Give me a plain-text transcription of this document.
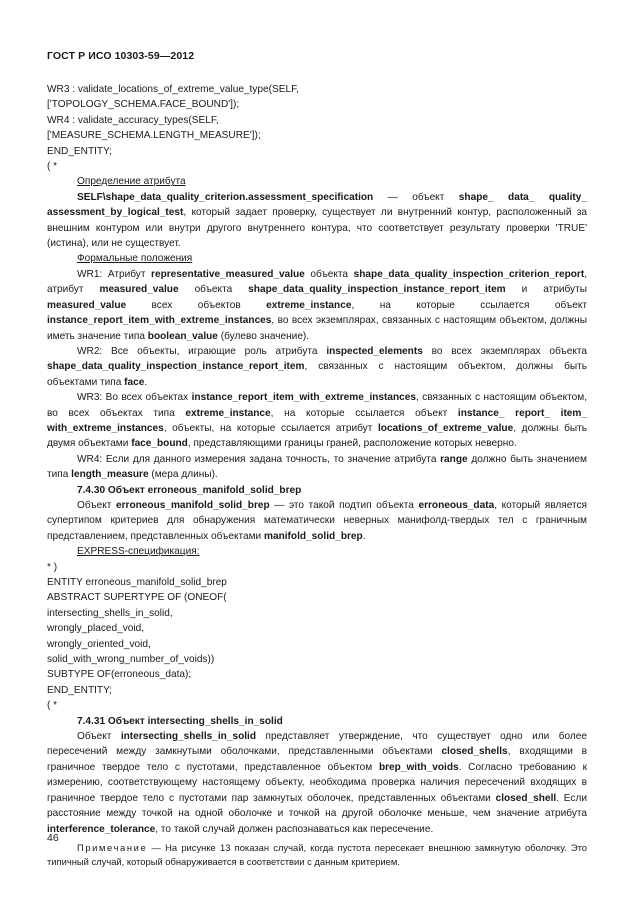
ГОСТ Р ИСО 10303-59—2012
WR3 : validate_locations_of_extreme_value_type(SELF,
['TOPOLOGY_SCHEMA.FACE_BOUND']);
WR4 : validate_accuracy_types(SELF,
['MEASURE_SCHEMA.LENGTH_MEASURE']);
END_ENTITY;
( *
Определение атрибута
SELF\shape_data_quality_criterion.assessment_specification — объект shape_ data_ quality_ assessment_by_logical_test, который задает проверку, существует ли внутренний контур, расположенный за внешним контуром или внутри другого внутреннего контура, что соответствует результату проверки 'TRUE' (истина), или не существует.
Формальные положения
WR1: Атрибут representative_measured_value объекта shape_data_quality_inspection_criterion_report, атрибут measured_value объекта shape_data_quality_inspection_instance_report_item и атрибуты measured_value всех объектов extreme_instance, на которые ссылается объект instance_report_item_with_extreme_instances, во всех экземплярах, связанных с настоящим объектом, должны иметь значение типа boolean_value (булево значение).
WR2: Все объекты, играющие роль атрибута inspected_elements во всех экземплярах объекта shape_data_quality_inspection_instance_report_item, связанных с настоящим объектом, должны быть объектами типа face.
WR3: Во всех объектах instance_report_item_with_extreme_instances, связанных с настоящим объектом, во всех объектах типа extreme_instance, на которые ссылается объект instance_ report_ item_ with_extreme_instances, объекты, на которые ссылается атрибут locations_of_extreme_value, должны быть двумя объектами face_bound, представляющими границы граней, расположение которых неверно.
WR4: Если для данного измерения задана точность, то значение атрибута range должно быть значением типа length_measure (мера длины).
7.4.30 Объект erroneous_manifold_solid_brep
Объект erroneous_manifold_solid_brep — это такой подтип объекта erroneous_data, который является супертипом критериев для обнаружения математически неверных манифолд-твердых тел с граничным представлением, представленных объектами manifold_solid_brep.
EXPRESS-спецификация:
* )
ENTITY erroneous_manifold_solid_brep
ABSTRACT SUPERTYPE OF (ONEOF(
intersecting_shells_in_solid,
wrongly_placed_void,
wrongly_oriented_void,
solid_with_wrong_number_of_voids))
SUBTYPE OF(erroneous_data);
END_ENTITY;
( *
7.4.31 Объект intersecting_shells_in_solid
Объект intersecting_shells_in_solid представляет утверждение, что существует одно или более пересечений между замкнутыми оболочками, представленными объектами closed_shells, входящими в граничное твердое тело с пустотами, представленное объектом brep_with_voids. Согласно требованию к измерению, соответствующему настоящему объекту, необходима проверка наличия пересечений входящих в граничное твердое тело с пустотами пар замкнутых оболочек, представленных объектами closed_shell. Если расстояние между точкой на одной оболочке и точкой на другой оболочке меньше, чем значение атрибута interference_tolerance, то такой случай должен распознаваться как пересечение.
Примечание — На рисунке 13 показан случай, когда пустота пересекает внешнюю замкнутую оболочку. Это типичный случай, который обнаруживается в соответствии с данным критерием.
46
